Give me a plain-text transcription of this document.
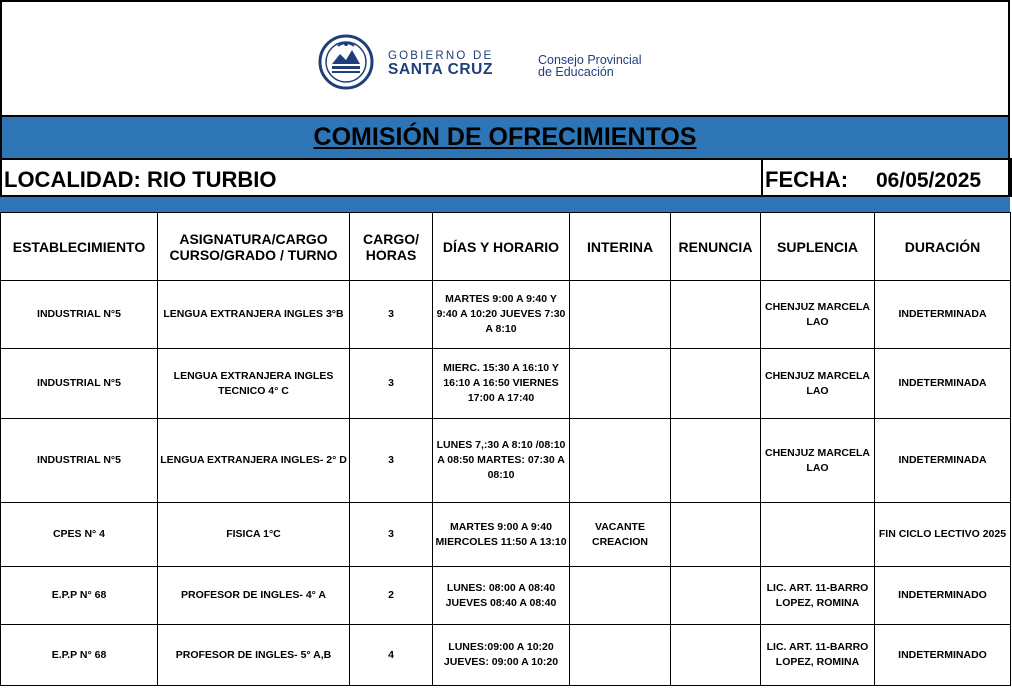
GOBIERNO DE
SANTA CRUZ
Consejo Provincial
de Educación
COMISIÓN DE OFRECIMIENTOS
LOCALIDAD: RIO TURBIO	FECHA: 06/05/2025
ESTABLECIMIENTO	ASIGNATURA/CARGO CURSO/GRADO / TURNO	CARGO/ HORAS	DÍAS Y HORARIO	INTERINA	RENUNCIA	SUPLENCIA	DURACIÓN
INDUSTRIAL N°5	LENGUA EXTRANJERA INGLES 3°B	3	MARTES 9:00 A 9:40 Y 9:40 A 10:20 JUEVES 7:30 A 8:10			CHENJUZ MARCELA LAO	INDETERMINADA
INDUSTRIAL N°5	LENGUA EXTRANJERA INGLES TECNICO 4° C	3	MIERC. 15:30 A 16:10 Y 16:10 A 16:50 VIERNES 17:00 A 17:40			CHENJUZ MARCELA LAO	INDETERMINADA
INDUSTRIAL N°5	LENGUA EXTRANJERA INGLES- 2° D	3	LUNES 7,:30 A 8:10 /08:10 A 08:50 MARTES: 07:30 A 08:10			CHENJUZ MARCELA LAO	INDETERMINADA
CPES N° 4	FISICA 1°C	3	MARTES 9:00 A 9:40 MIERCOLES 11:50 A 13:10	VACANTE CREACION			FIN CICLO LECTIVO 2025
E.P.P N° 68	PROFESOR DE INGLES- 4° A	2	LUNES: 08:00 A 08:40 JUEVES 08:40 A 08:40			LIC. ART. 11-BARRO LOPEZ, ROMINA	INDETERMINADO
E.P.P N° 68	PROFESOR DE INGLES- 5° A,B	4	LUNES:09:00 A 10:20 JUEVES: 09:00 A 10:20			LIC. ART. 11-BARRO LOPEZ, ROMINA	INDETERMINADO
